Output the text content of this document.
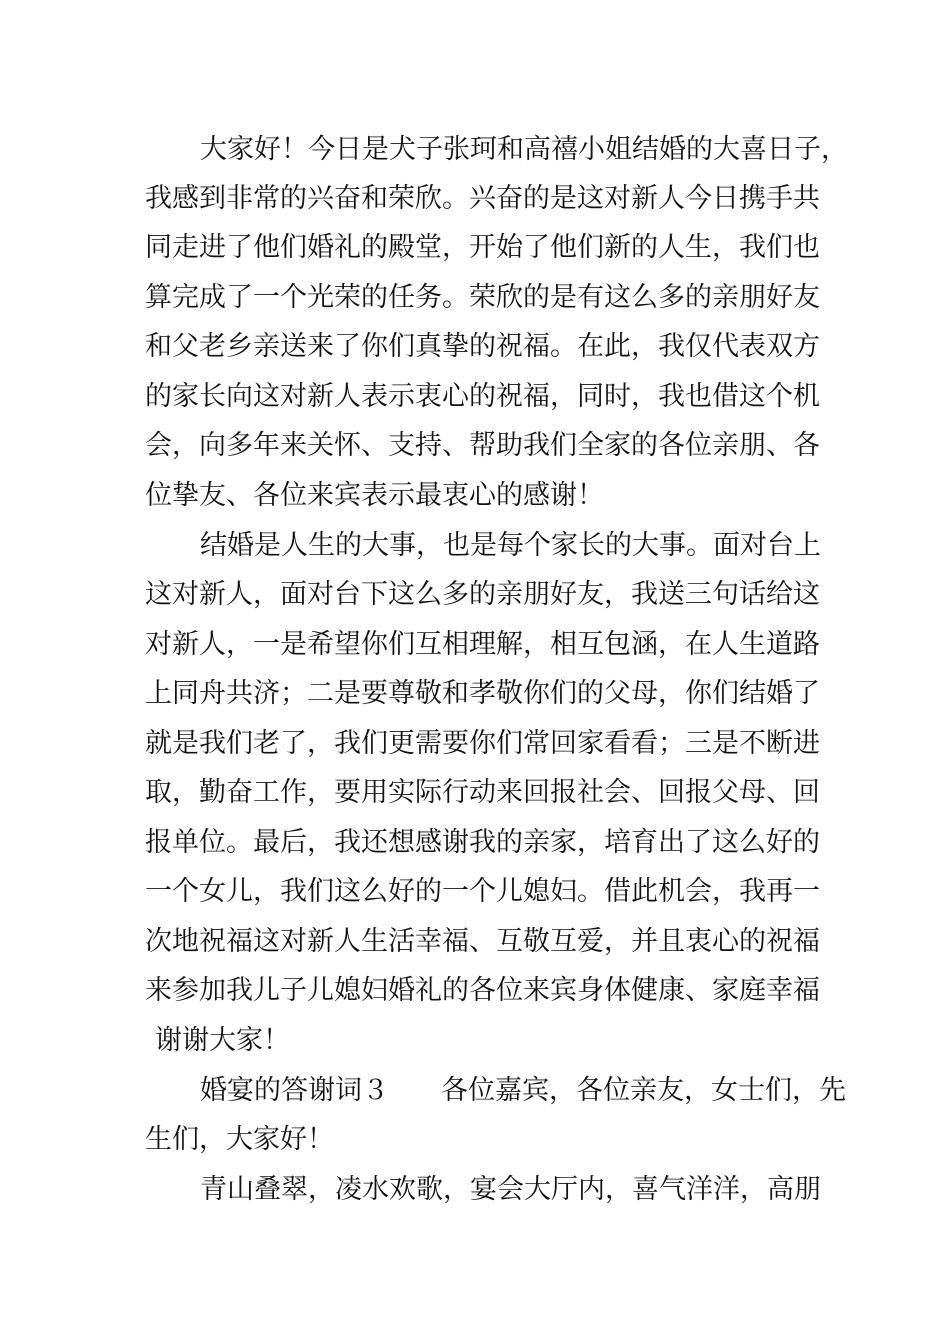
大家好！今日是犬子张珂和高禧小姐结婚的大喜日子，
我感到非常的兴奋和荣欣。兴奋的是这对新人今日携手共
同走进了他们婚礼的殿堂，开始了他们新的人生，我们也
算完成了一个光荣的任务。荣欣的是有这么多的亲朋好友
和父老乡亲送来了你们真挚的祝福。在此，我仅代表双方
的家长向这对新人表示衷心的祝福，同时，我也借这个机
会，向多年来关怀、支持、帮助我们全家的各位亲朋、各
位挚友、各位来宾表示最衷心的感谢！
结婚是人生的大事，也是每个家长的大事。面对台上
这对新人，面对台下这么多的亲朋好友，我送三句话给这
对新人，一是希望你们互相理解，相互包涵，在人生道路
上同舟共济；二是要尊敬和孝敬你们的父母，你们结婚了
就是我们老了，我们更需要你们常回家看看；三是不断进
取，勤奋工作，要用实际行动来回报社会、回报父母、回
报单位。最后，我还想感谢我的亲家，培育出了这么好的
一个女儿，我们这么好的一个儿媳妇。借此机会，我再一
次地祝福这对新人生活幸福、互敬互爱，并且衷心的祝福
来参加我儿子儿媳妇婚礼的各位来宾身体健康、家庭幸福
谢谢大家！
婚宴的答谢词３ 各位嘉宾，各位亲友，女士们，先
生们，大家好！
青山叠翠，凌水欢歌，宴会大厅内，喜气洋洋，高朋
